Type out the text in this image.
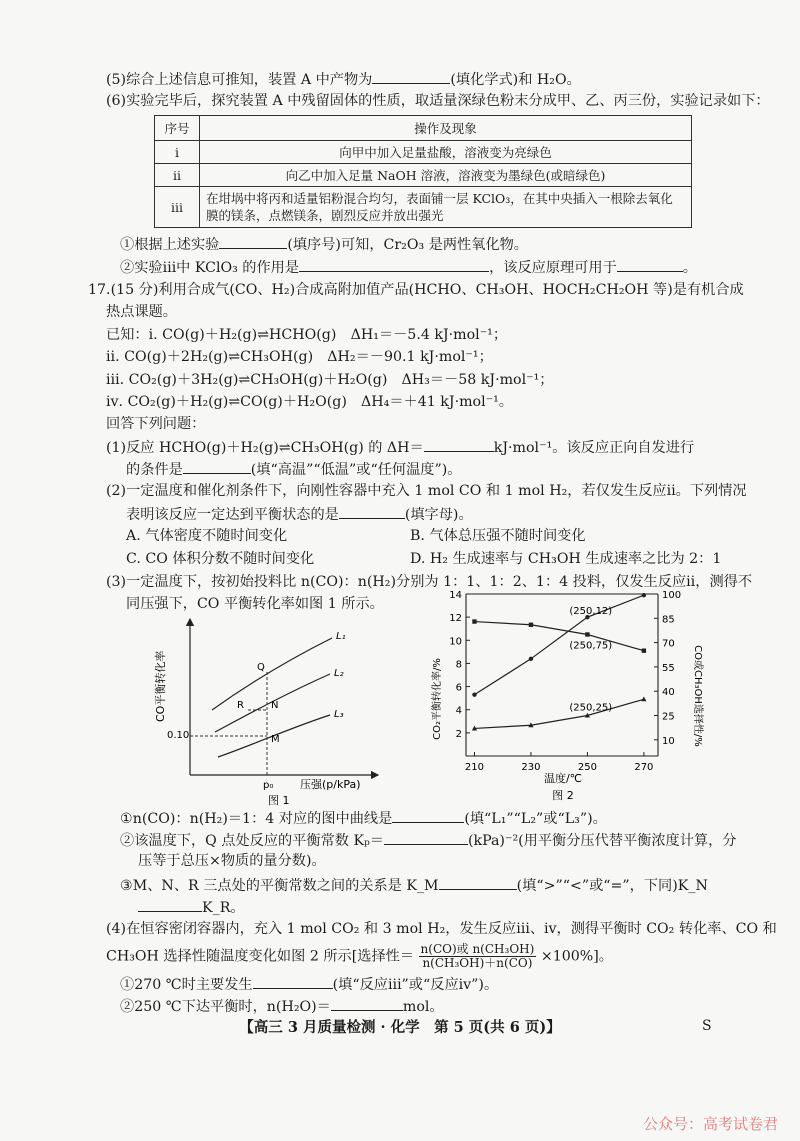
(5)综合上述信息可推知，装置 A 中产物为	(填化学式)和 H₂O。
(6)实验完毕后，探究装置 A 中残留固体的性质，取适量深绿色粉末分成甲、乙、丙三份，实验记录如下：
序号	操作及现象
ⅰ	向甲中加入足量盐酸，溶液变为亮绿色
ⅱ	向乙中加入足量 NaOH 溶液，溶液变为墨绿色(或暗绿色)
ⅲ	在坩埚中将丙和适量铝粉混合均匀，表面铺一层 KClO₃，在其中央插入一根除去氧化膜的镁条，点燃镁条，剧烈反应并放出强光
①根据上述实验	(填序号)可知，Cr₂O₃ 是两性氧化物。
②实验ⅲ中 KClO₃ 的作用是	，该反应原理可用于	。
17.(15 分)利用合成气(CO、H₂)合成高附加值产品(HCHO、CH₃OH、HOCH₂CH₂OH 等)是有机合成
热点课题。
已知：ⅰ. CO(g)＋H₂(g)⇌HCHO(g)　ΔH₁＝－5.4 kJ·mol⁻¹；
ⅱ. CO(g)＋2H₂(g)⇌CH₃OH(g)　ΔH₂＝－90.1 kJ·mol⁻¹；
ⅲ. CO₂(g)＋3H₂(g)⇌CH₃OH(g)＋H₂O(g)　ΔH₃＝－58 kJ·mol⁻¹；
ⅳ. CO₂(g)＋H₂(g)⇌CO(g)＋H₂O(g)　ΔH₄＝＋41 kJ·mol⁻¹。
回答下列问题：
(1)反应 HCHO(g)＋H₂(g)⇌CH₃OH(g) 的 ΔH＝	kJ·mol⁻¹。该反应正向自发进行
的条件是	(填“高温”“低温”或“任何温度”)。
(2)一定温度和催化剂条件下，向刚性容器中充入 1 mol CO 和 1 mol H₂，若仅发生反应ⅱ。下列情况
表明该反应一定达到平衡状态的是	(填字母)。
A. 气体密度不随时间变化	B. 气体总压强不随时间变化
C. CO 体积分数不随时间变化	D. H₂ 生成速率与 CH₃OH 生成速率之比为 2：1
(3)一定温度下，按初始投料比 n(CO)：n(H₂)分别为 1：1、1：2、1：4 投料，仅发生反应ⅱ，测得不
同压强下，CO 平衡转化率如图 1 所示。
CO平衡转化率
压强(p/kPa)
0.10
p₀
图 1
L₁
L₂
L₃
Q
R	N
M	2
4
6
8
10
12
14
10
25
40
55
70
85
100
210	230	250	270
(250,12)
(250,75)
(250,25)
CO₂平衡转化率/%	CO或CH₃OH选择性/%
温度/℃
图 2
①n(CO)：n(H₂)＝1：4 对应的图中曲线是	(填“L₁”“L₂”或“L₃”)。
②该温度下，Q 点处反应的平衡常数 Kₚ＝	(kPa)⁻²(用平衡分压代替平衡浓度计算，分
压等于总压×物质的量分数)。
③M、N、R 三点处的平衡常数之间的关系是 K_M	(填“>”“<”或“=”，下同)K_N
K_R。
(4)在恒容密闭容器内，充入 1 mol CO₂ 和 3 mol H₂，发生反应ⅲ、ⅳ，测得平衡时 CO₂ 转化率、CO 和
CH₃OH 选择性随温度变化如图 2 所示[选择性＝ n(CO)或 n(CH₃OH)
n(CH₃OH)＋n(CO) ×100%]。
①270 ℃时主要发生	(填“反应ⅲ”或“反应ⅳ”)。
②250 ℃下达平衡时，n(H₂O)＝	mol。
【高三 3 月质量检测 · 化学　第 5 页(共 6 页)】	S
公众号：高考试卷君
